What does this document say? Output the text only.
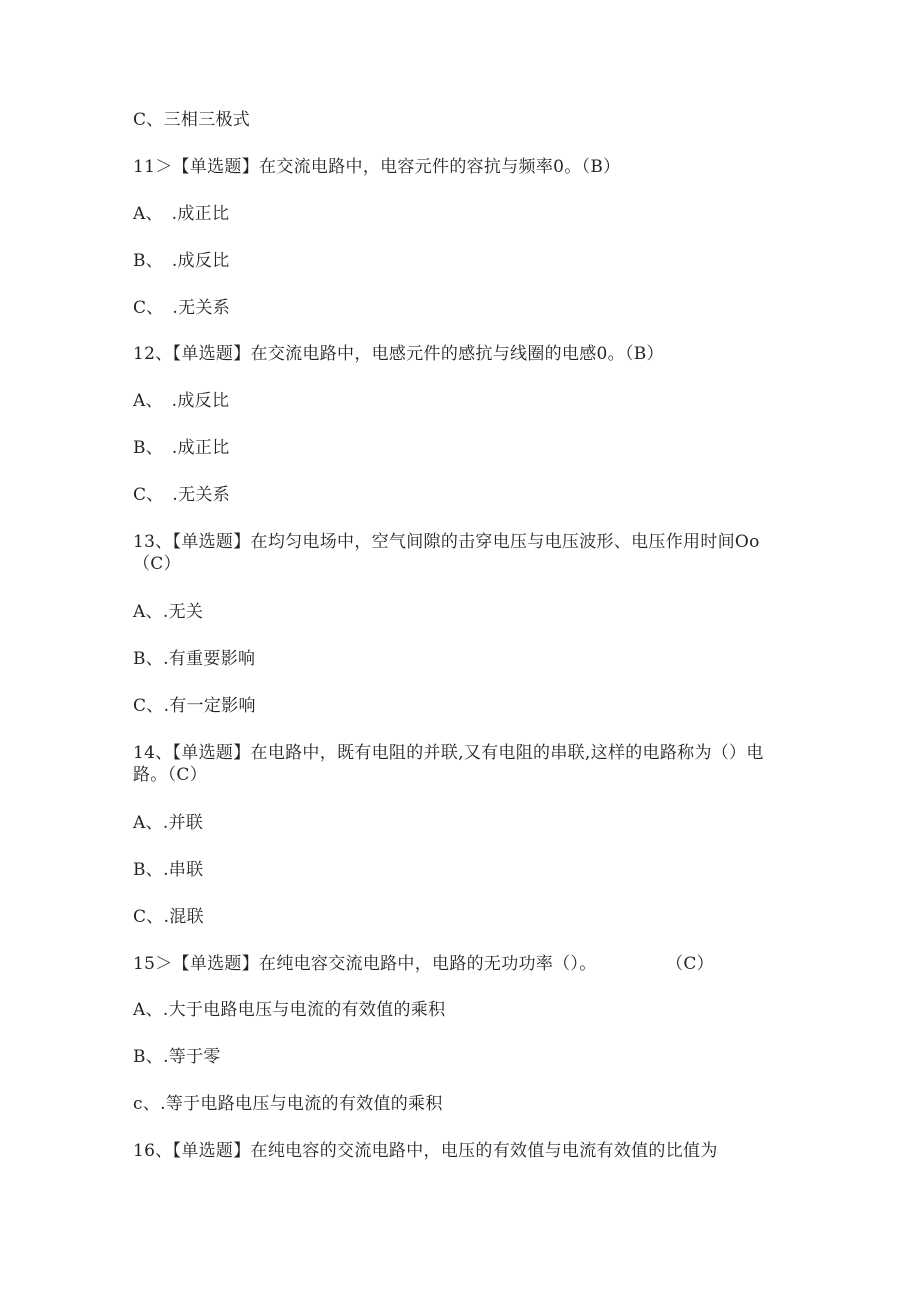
C、三相三极式

11＞【单选题】在交流电路中，电容元件的容抗与频率0。（B）

A、　.成正比

B、　.成反比

C、　.无关系

12、【单选题】在交流电路中，电感元件的感抗与线圈的电感0。（B）

A、　.成反比

B、　.成正比

C、　.无关系

13、【单选题】在均匀电场中，空气间隙的击穿电压与电压波形、电压作用时间Oo（C）

A、.无关

B、.有重要影响

C、.有一定影响

14、【单选题】在电路中，既有电阻的并联,又有电阻的串联,这样的电路称为（）电路。（C）

A、.并联

B、.串联

C、.混联

15＞【单选题】在纯电容交流电路中，电路的无功功率（）。　　　　　（C）

A、.大于电路电压与电流的有效值的乘积

B、.等于零

c、.等于电路电压与电流的有效值的乘积

16、【单选题】在纯电容的交流电路中，电压的有效值与电流有效值的比值为
